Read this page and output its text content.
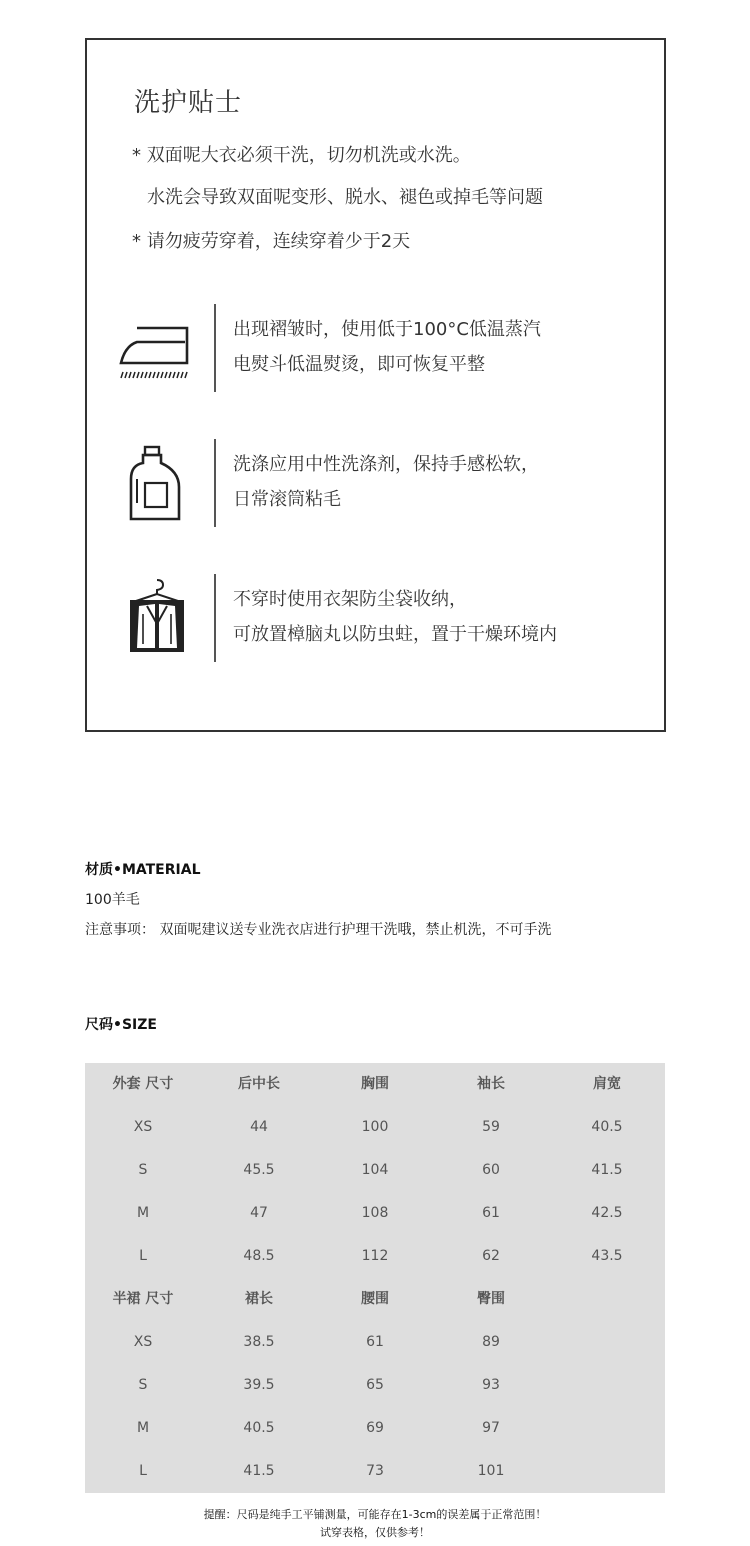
洗护贴士
* 双面呢大衣必须干洗，切勿机洗或水洗。
水洗会导致双面呢变形、脱水、褪色或掉毛等问题
* 请勿疲劳穿着，连续穿着少于2天
出现褶皱时，使用低于100°C低温蒸汽
电熨斗低温熨烫，即可恢复平整
洗涤应用中性洗涤剂，保持手感松软，
日常滚筒粘毛
不穿时使用衣架防尘袋收纳，
可放置樟脑丸以防虫蛀，置于干燥环境内
材质•MATERIAL
100羊毛
注意事项： 双面呢建议送专业洗衣店进行护理干洗哦，禁止机洗，不可手洗
尺码•SIZE
外套 尺寸	后中长	胸围	袖长	肩宽
XS	44	100	59	40.5
S	45.5	104	60	41.5
M	47	108	61	42.5
L	48.5	112	62	43.5
半裙 尺寸	裙长	腰围	臀围
XS	38.5	61	89
S	39.5	65	93
M	40.5	69	97
L	41.5	73	101
提醒：尺码是纯手工平铺测量，可能存在1-3cm的误差属于正常范围！
试穿表格，仅供参考！
